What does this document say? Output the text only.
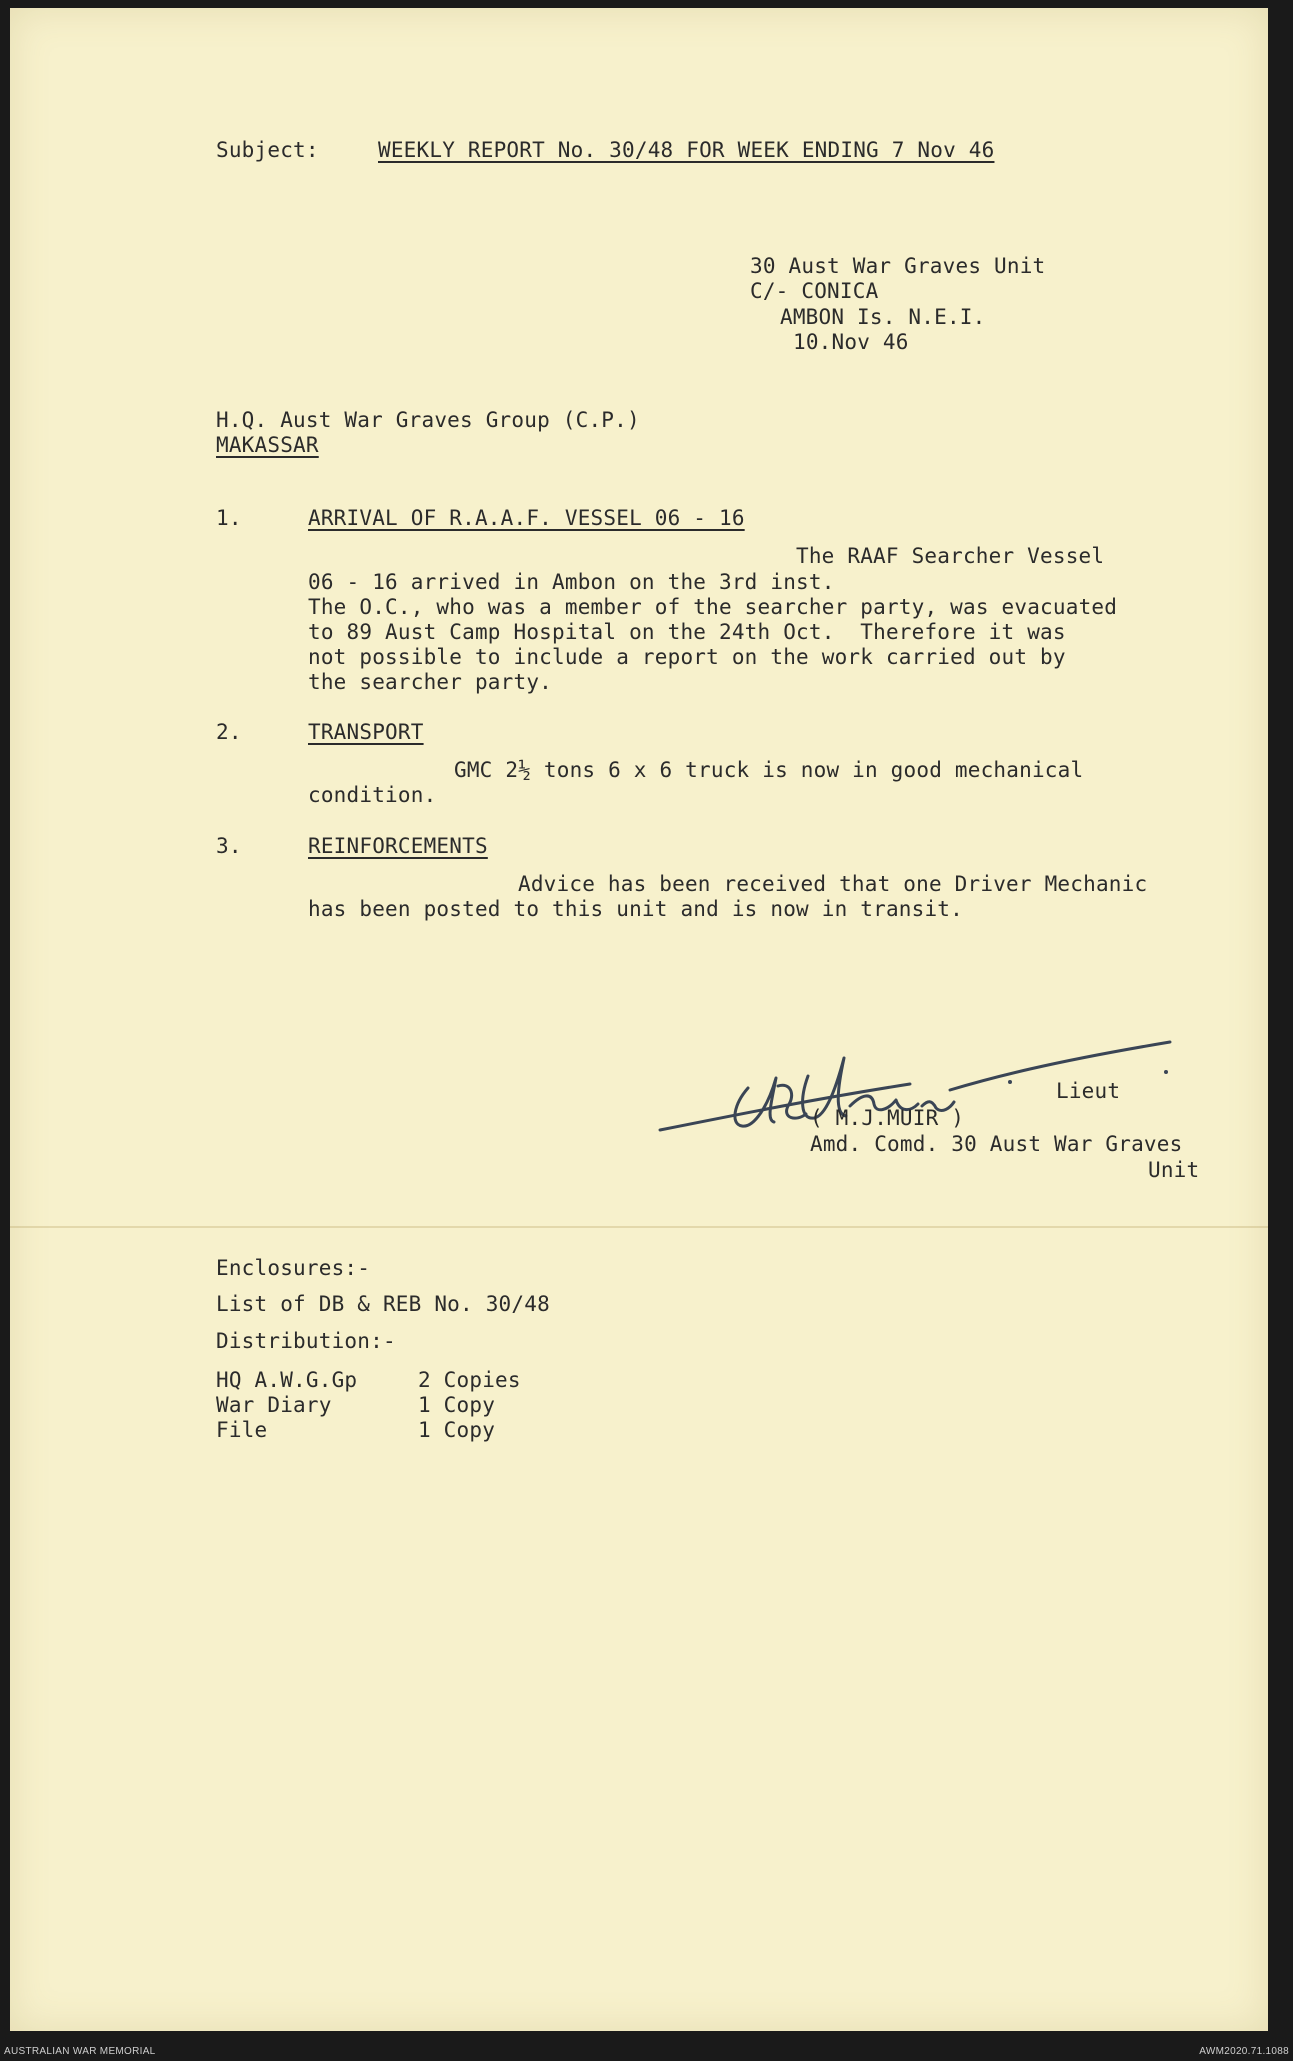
Subject:	WEEKLY REPORT No. 30/48 FOR WEEK ENDING 7 Nov 46

30 Aust War Graves Unit

C/- CONICA

AMBON Is. N.E.I.

10.Nov 46

H.Q. Aust War Graves Group (C.P.)

MAKASSAR

1.	ARRIVAL OF R.A.A.F. VESSEL 06 - 16

The RAAF Searcher Vessel

06 - 16 arrived in Ambon on the 3rd inst.

The O.C., who was a member of the searcher party, was evacuated

to 89 Aust Camp Hospital on the 24th Oct.  Therefore it was

not possible to include a report on the work carried out by

the searcher party.

2.	TRANSPORT

GMC 2½ tons 6 x 6 truck is now in good mechanical

condition.

3.	REINFORCEMENTS

Advice has been received that one Driver Mechanic

has been posted to this unit and is now in transit.

Lieut

( M.J.MUIR )

Amd. Comd. 30 Aust War Graves

Unit

Enclosures:-

List of DB & REB No. 30/48

Distribution:-

HQ A.W.G.Gp	2 Copies

War Diary	1 Copy

File	1 Copy

AUSTRALIAN WAR MEMORIAL	AWM2020.71.1088
